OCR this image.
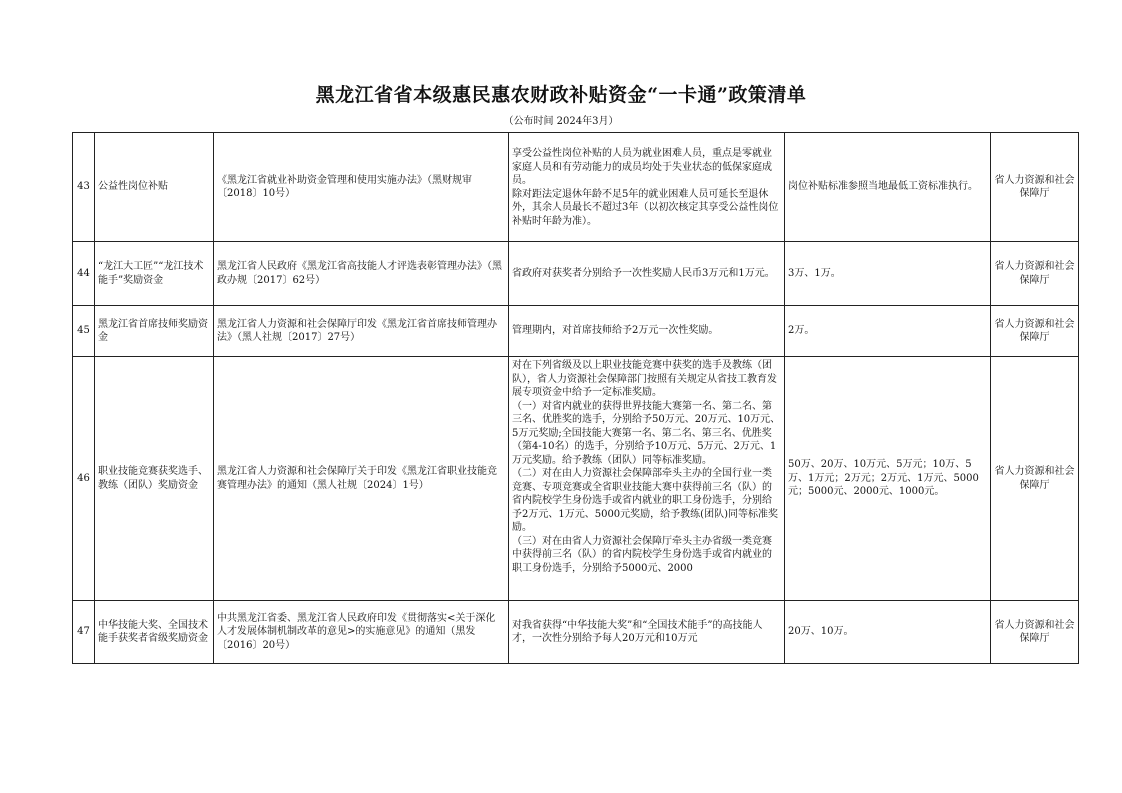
黑龙江省省本级惠民惠农财政补贴资金“一卡通”政策清单
（公布时间 2024年3月）
43	公益性岗位补贴	《黑龙江省就业补助资金管理和使用实施办法》（黑财规审〔2018〕10号）	享受公益性岗位补贴的人员为就业困难人员，重点是零就业家庭人员和有劳动能力的成员均处于失业状态的低保家庭成员。
除对距法定退休年龄不足5年的就业困难人员可延长至退休外，其余人员最长不超过3年（以初次核定其享受公益性岗位补贴时年龄为准）。	岗位补贴标准参照当地最低工资标准执行。	省人力资源和社会保障厅
44	“龙江大工匠”“龙江技术能手”奖励资金	黑龙江省人民政府《黑龙江省高技能人才评选表彰管理办法》（黑政办规〔2017〕62号）	省政府对获奖者分别给予一次性奖励人民币3万元和1万元。	3万、1万。	省人力资源和社会保障厅
45	黑龙江省首席技师奖励资金	黑龙江省人力资源和社会保障厅印发《黑龙江省首席技师管理办法》（黑人社规〔2017〕27号）	管理期内，对首席技师给予2万元一次性奖励。	2万。	省人力资源和社会保障厅
46	职业技能竞赛获奖选手、教练（团队）奖励资金	黑龙江省人力资源和社会保障厅关于印发《黑龙江省职业技能竞赛管理办法》的通知（黑人社规〔2024〕1号）	对在下列省级及以上职业技能竞赛中获奖的选手及教练（团队），省人力资源社会保障部门按照有关规定从省技工教育发展专项资金中给予一定标准奖励。
（一）对省内就业的获得世界技能大赛第一名、第二名、第三名、优胜奖的选手，分别给予50万元、20万元、10万元、5万元奖励;全国技能大赛第一名、第二名、第三名、优胜奖（第4-10名）的选手，分别给予10万元、5万元、2万元、1万元奖励。给予教练（团队）同等标准奖励。
（二）对在由人力资源社会保障部牵头主办的全国行业一类竞赛、专项竞赛或全省职业技能大赛中获得前三名（队）的省内院校学生身份选手或省内就业的职工身份选手，分别给予2万元、1万元、5000元奖励，给予教练(团队)同等标准奖励。
（三）对在由省人力资源社会保障厅牵头主办省级一类竞赛中获得前三名（队）的省内院校学生身份选手或省内就业的职工身份选手，分别给予5000元、2000	50万、20万、10万元、5万元；10万、5万、1万元；2万元；2万元、1万元、5000元；5000元、2000元、1000元。	省人力资源和社会保障厅
47	中华技能大奖、全国技术能手获奖者省级奖励资金	中共黑龙江省委、黑龙江省人民政府印发《贯彻落实<关于深化人才发展体制机制改革的意见>的实施意见》的通知（黑发〔2016〕20号）	对我省获得“中华技能大奖”和“全国技术能手”的高技能人才，一次性分别给予每人20万元和10万元	20万、10万。	省人力资源和社会保障厅
